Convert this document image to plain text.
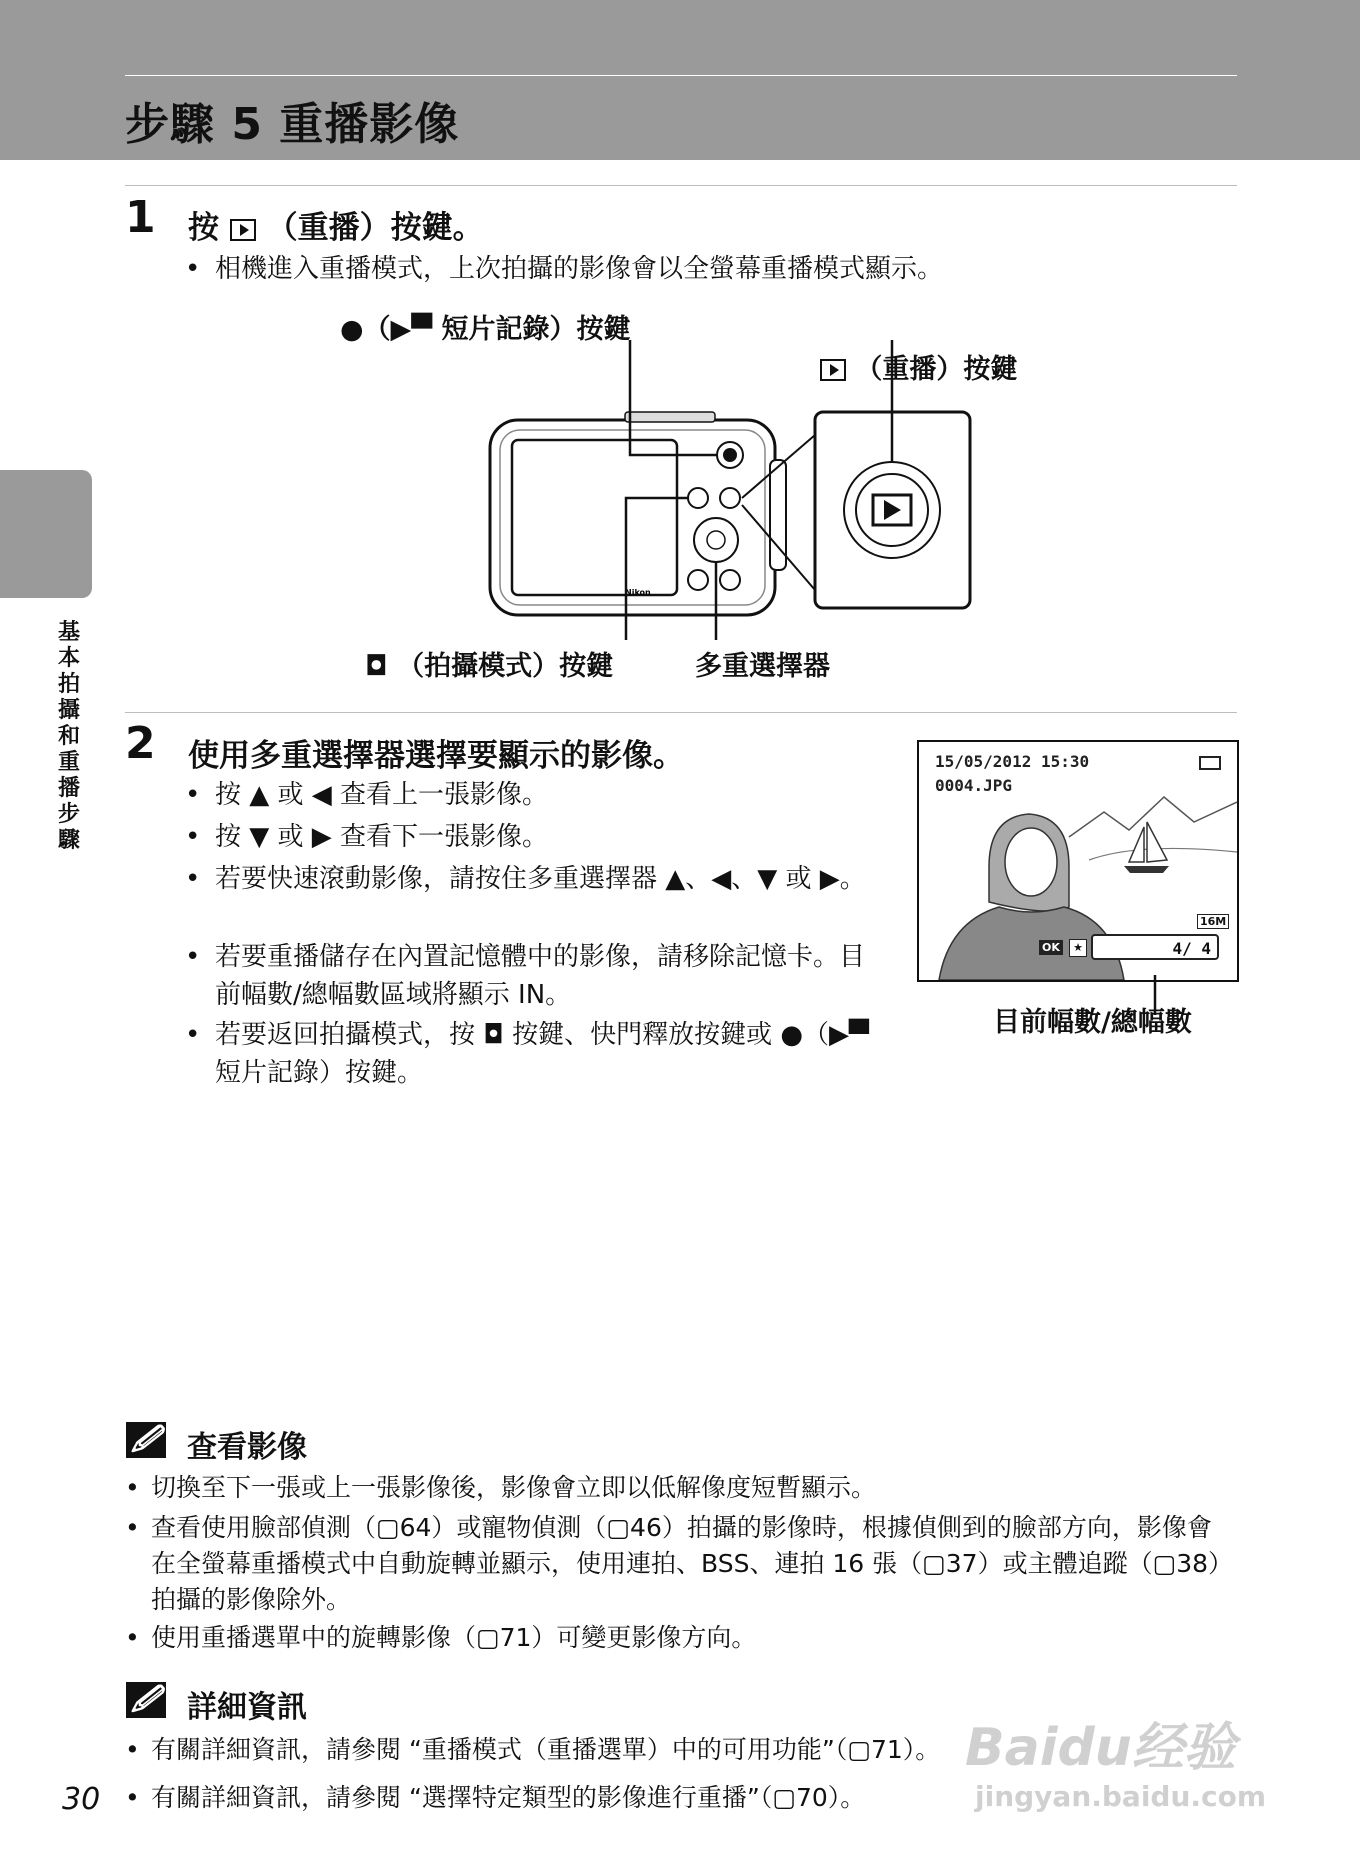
步驟 5 重播影像
基本拍攝和重播步驟
1 按 （重播）按鍵。
• 相機進入重播模式，上次拍攝的影像會以全螢幕重播模式顯示。
●（▶▀ 短片記錄）按鍵
（重播）按鍵
Nikon
◘ （拍攝模式）按鍵	多重選擇器
2 使用多重選擇器選擇要顯示的影像。
• 按 ▲ 或 ◀ 查看上一張影像。
• 按 ▼ 或 ▶ 查看下一張影像。
• 若要快速滾動影像，請按住多重選擇器 ▲、◀、▼ 或 ▶。
• 若要重播儲存在內置記憶體中的影像，請移除記憶卡。目前幅數/總幅數區域將顯示 IN。
• 若要返回拍攝模式，按 ◘ 按鍵、快門釋放按鍵或 ●（▶▀ 短片記錄）按鍵。
15/05/2012 15:30
0004.JPG
16M
OK	★	4/ 4
目前幅數/總幅數
🖉 查看影像
• 切換至下一張或上一張影像後，影像會立即以低解像度短暫顯示。
• 查看使用臉部偵測（▢64）或寵物偵測（▢46）拍攝的影像時，根據偵側到的臉部方向，影像會在全螢幕重播模式中自動旋轉並顯示，使用連拍、BSS、連拍 16 張（▢37）或主體追蹤（▢38）拍攝的影像除外。
• 使用重播選單中的旋轉影像（▢71）可變更影像方向。
🖉 詳細資訊
• 有關詳細資訊，請參閱 “重播模式（重播選單）中的可用功能”（▢71）。
• 有關詳細資訊，請參閱 “選擇特定類型的影像進行重播”（▢70）。
30
Baidu经验
jingyan.baidu.com
